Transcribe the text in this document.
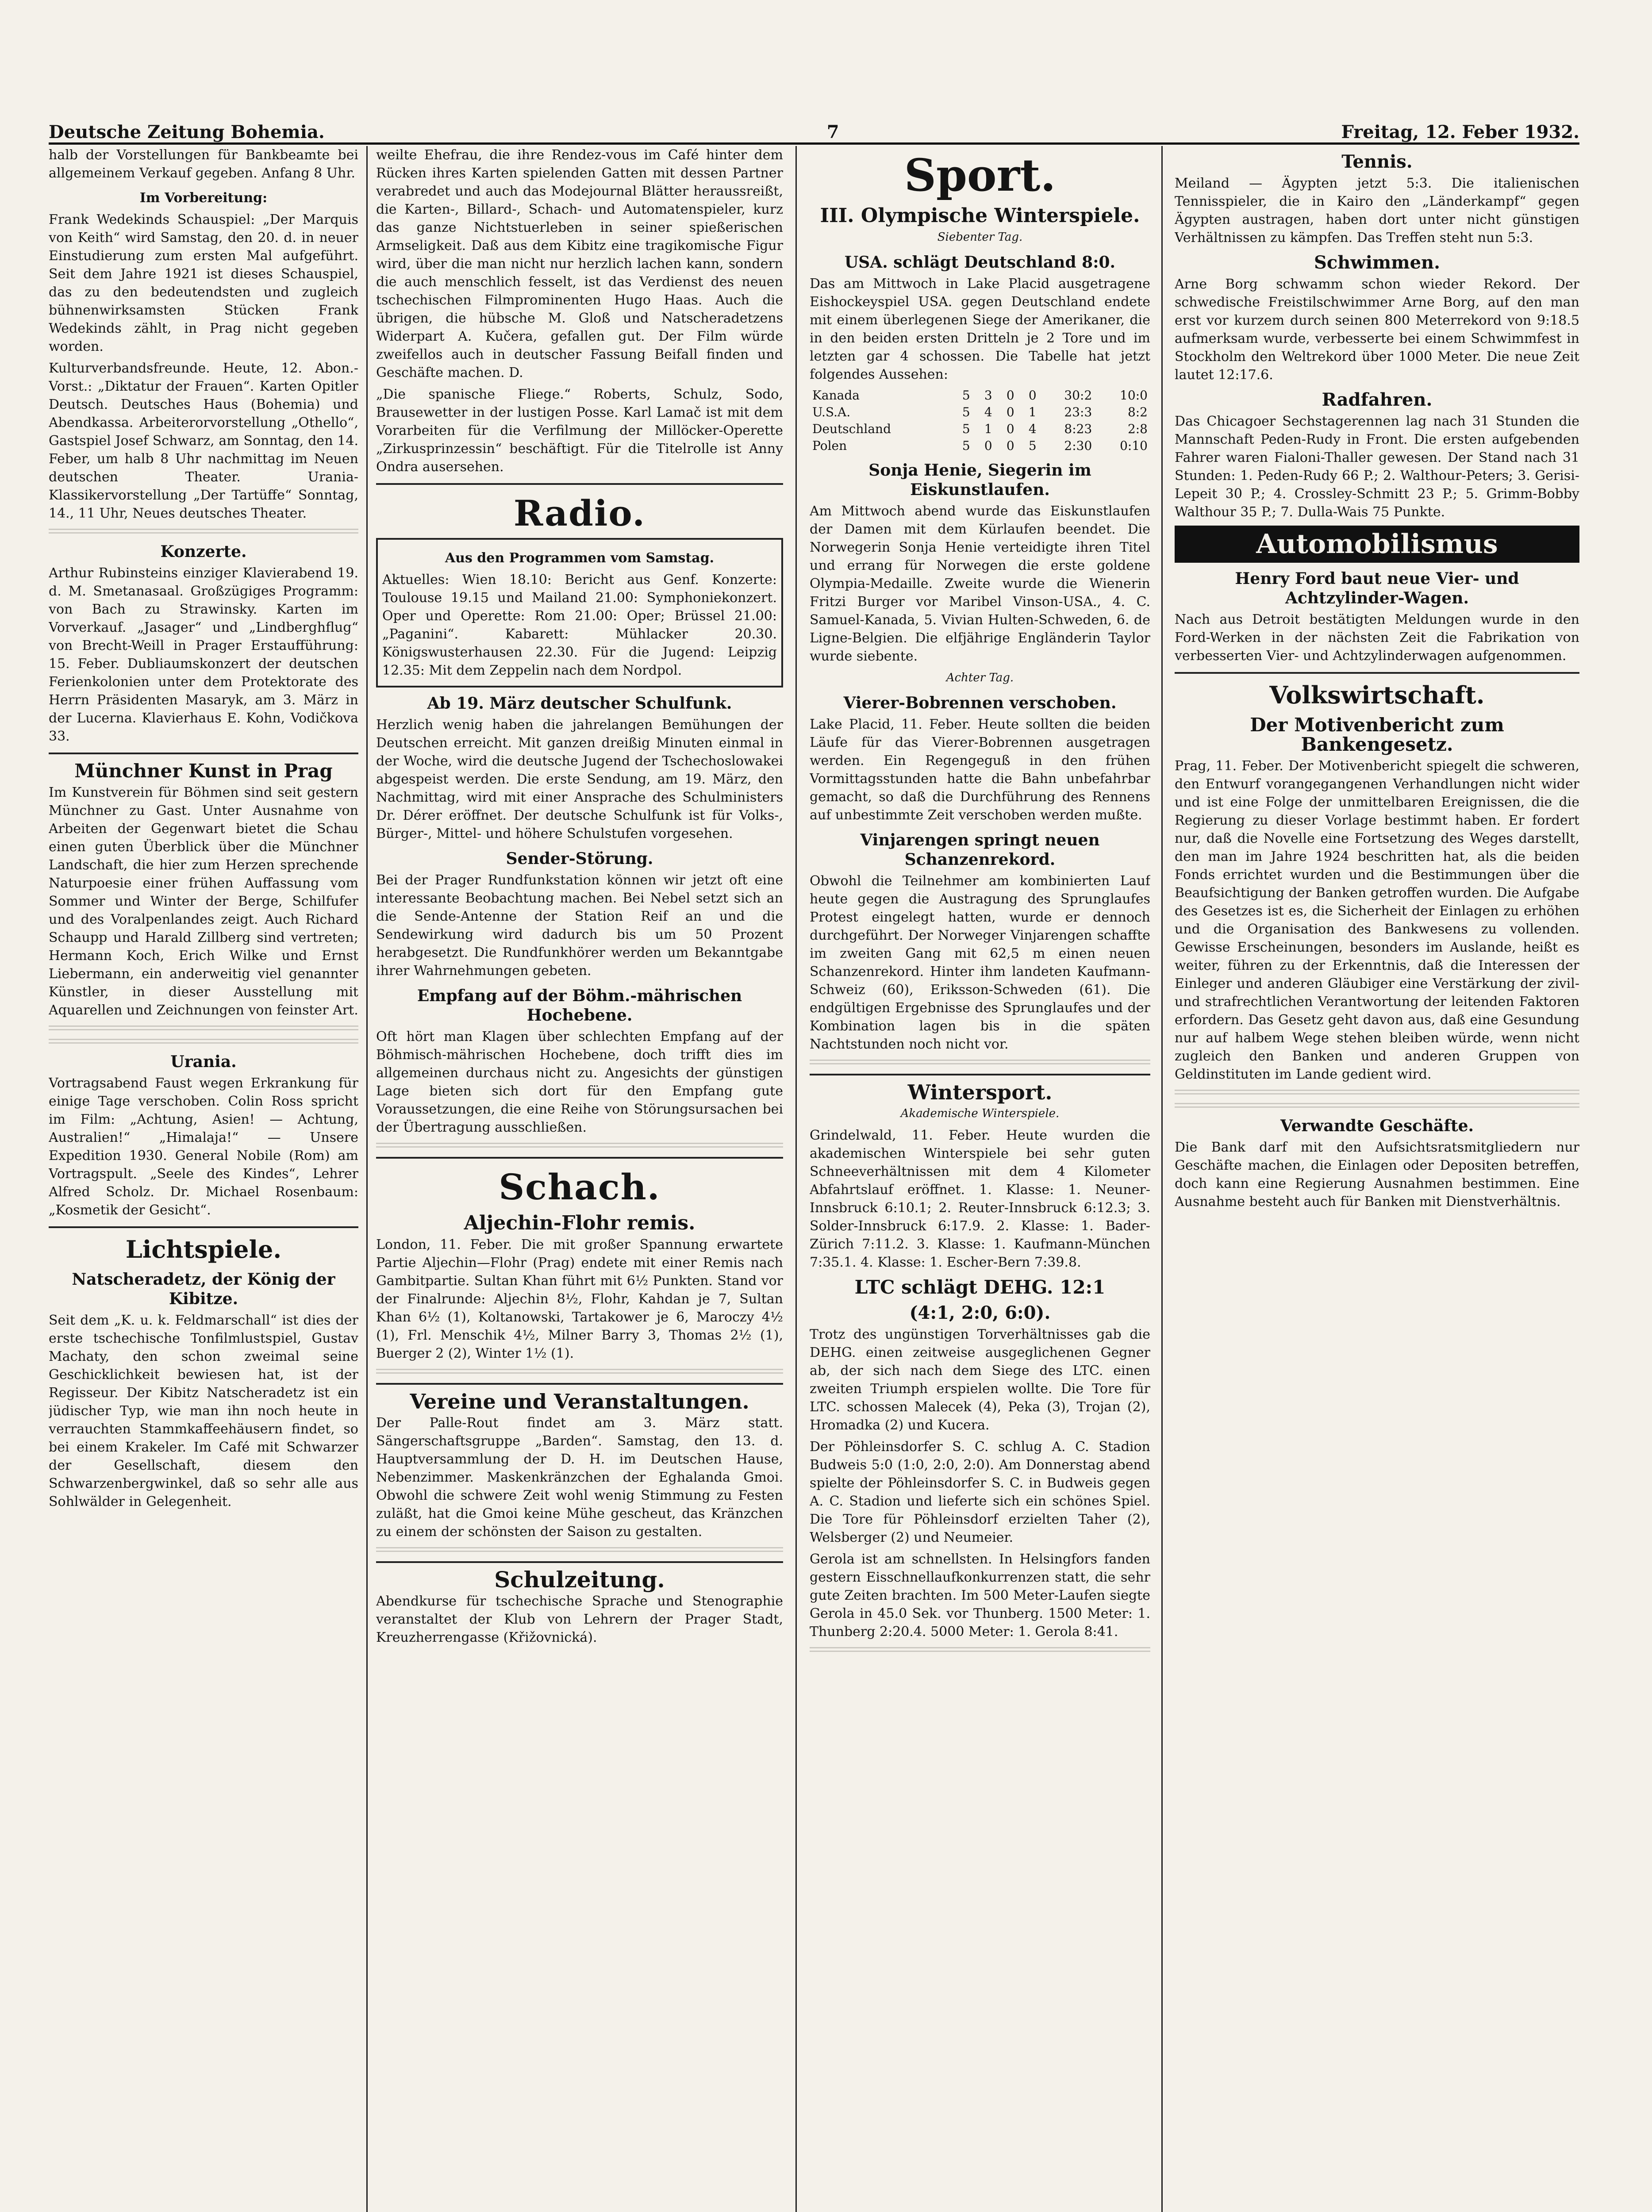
Deutsche Zeitung Bohemia.	7	Freitag, 12. Feber 1932.
halb der Vorstellungen für Bankbeamte bei allgemeinem Verkauf gegeben. Anfang 8 Uhr.
Im Vorbereitung:
Frank Wedekinds Schauspiel: „Der Marquis von Keith“ wird Samstag, den 20. d. in neuer Einstudierung zum ersten Mal aufgeführt. Seit dem Jahre 1921 ist dieses Schauspiel, das zu den bedeutendsten und zugleich bühnenwirksamsten Stücken Frank Wedekinds zählt, in Prag nicht gegeben worden.
Kulturverbandsfreunde. Heute, 12. Abon.-Vorst.: „Diktatur der Frauen“. Karten Opitler Deutsch. Deutsches Haus (Bohemia) und Abendkassa. Arbeiterorvorstellung „Othello“, Gastspiel Josef Schwarz, am Sonntag, den 14. Feber, um halb 8 Uhr nachmittag im Neuen deutschen Theater. Urania-Klassikervorstellung „Der Tartüffe“ Sonntag, 14., 11 Uhr, Neues deutsches Theater.
Konzerte.
Arthur Rubinsteins einziger Klavierabend 19. d. M. Smetanasaal. Großzügiges Programm: von Bach zu Strawinsky. Karten im Vorverkauf. „Jasager“ und „Lindberghflug“ von Brecht-Weill in Prager Erstaufführung: 15. Feber. Dubliaumskonzert der deutschen Ferienkolonien unter dem Protektorate des Herrn Präsidenten Masaryk, am 3. März in der Lucerna. Klavierhaus E. Kohn, Vodičkova 33.
Münchner Kunst in Prag
Im Kunstverein für Böhmen sind seit gestern Münchner zu Gast. Unter Ausnahme von Arbeiten der Gegenwart bietet die Schau einen guten Überblick über die Münchner Landschaft, die hier zum Herzen sprechende Naturpoesie einer frühen Auffassung vom Sommer und Winter der Berge, Schilfufer und des Voralpenlandes zeigt. Auch Richard Schaupp und Harald Zillberg sind vertreten; Hermann Koch, Erich Wilke und Ernst Liebermann, ein anderweitig viel genannter Künstler, in dieser Ausstellung mit Aquarellen und Zeichnungen von feinster Art.
Urania.
Vortragsabend Faust wegen Erkrankung für einige Tage verschoben. Colin Ross spricht im Film: „Achtung, Asien! — Achtung, Australien!“ „Himalaja!“ — Unsere Expedition 1930. General Nobile (Rom) am Vortragspult. „Seele des Kindes“, Lehrer Alfred Scholz. Dr. Michael Rosenbaum: „Kosmetik der Gesicht“.
Lichtspiele.
Natscheradetz, der König der Kibitze.
Seit dem „K. u. k. Feldmarschall“ ist dies der erste tschechische Tonfilmlustspiel, Gustav Machaty, den schon zweimal seine Geschicklichkeit bewiesen hat, ist der Regisseur. Der Kibitz Natscheradetz ist ein jüdischer Typ, wie man ihn noch heute in verrauchten Stammkaffeehäusern findet, so bei einem Krakeler. Im Café mit Schwarzer der Gesellschaft, diesem den Schwarzenbergwinkel, daß so sehr alle aus Sohlwälder in Gelegenheit.
weilte Ehefrau, die ihre Rendez-vous im Café hinter dem Rücken ihres Karten spielenden Gatten mit dessen Partner verabredet und auch das Modejournal Blätter heraussreißt, die Karten-, Billard-, Schach- und Automatenspieler, kurz das ganze Nichtstuerleben in seiner spießerischen Armseligkeit. Daß aus dem Kibitz eine tragikomische Figur wird, über die man nicht nur herzlich lachen kann, sondern die auch menschlich fesselt, ist das Verdienst des neuen tschechischen Filmprominenten Hugo Haas. Auch die übrigen, die hübsche M. Gloß und Natscheradetzens Widerpart A. Kučera, gefallen gut. Der Film würde zweifellos auch in deutscher Fassung Beifall finden und Geschäfte machen. D.
„Die spanische Fliege.“ Roberts, Schulz, Sodo, Brausewetter in der lustigen Posse. Karl Lamač ist mit dem Vorarbeiten für die Verfilmung der Millöcker-Operette „Zirkusprinzessin“ beschäftigt. Für die Titelrolle ist Anny Ondra ausersehen.
Radio.
Aus den Programmen vom Samstag.
Aktuelles: Wien 18.10: Bericht aus Genf. Konzerte: Toulouse 19.15 und Mailand 21.00: Symphoniekonzert. Oper und Operette: Rom 21.00: Oper; Brüssel 21.00: „Paganini“. Kabarett: Mühlacker 20.30. Königswusterhausen 22.30. Für die Jugend: Leipzig 12.35: Mit dem Zeppelin nach dem Nordpol.
Ab 19. März deutscher Schulfunk.
Herzlich wenig haben die jahrelangen Bemühungen der Deutschen erreicht. Mit ganzen dreißig Minuten einmal in der Woche, wird die deutsche Jugend der Tschechoslowakei abgespeist werden. Die erste Sendung, am 19. März, den Nachmittag, wird mit einer Ansprache des Schulministers Dr. Dérer eröffnet. Der deutsche Schulfunk ist für Volks-, Bürger-, Mittel- und höhere Schulstufen vorgesehen.
Sender-Störung.
Bei der Prager Rundfunkstation können wir jetzt oft eine interessante Beobachtung machen. Bei Nebel setzt sich an die Sende-Antenne der Station Reif an und die Sendewirkung wird dadurch bis um 50 Prozent herabgesetzt. Die Rundfunkhörer werden um Bekanntgabe ihrer Wahrnehmungen gebeten.
Empfang auf der Böhm.-mährischen Hochebene.
Oft hört man Klagen über schlechten Empfang auf der Böhmisch-mährischen Hochebene, doch trifft dies im allgemeinen durchaus nicht zu. Angesichts der günstigen Lage bieten sich dort für den Empfang gute Voraussetzungen, die eine Reihe von Störungsursachen bei der Übertragung ausschließen.
Schach.
Aljechin-Flohr remis.
London, 11. Feber. Die mit großer Spannung erwartete Partie Aljechin—Flohr (Prag) endete mit einer Remis nach Gambitpartie. Sultan Khan führt mit 6½ Punkten. Stand vor der Finalrunde: Aljechin 8½, Flohr, Kahdan je 7, Sultan Khan 6½ (1), Koltanowski, Tartakower je 6, Maroczy 4½ (1), Frl. Menschik 4½, Milner Barry 3, Thomas 2½ (1), Buerger 2 (2), Winter 1½ (1).
Vereine und Veranstaltungen.
Der Palle-Rout findet am 3. März statt. Sängerschaftsgruppe „Barden“. Samstag, den 13. d. Hauptversammlung der D. H. im Deutschen Hause, Nebenzimmer. Maskenkränzchen der Eghalanda Gmoi. Obwohl die schwere Zeit wohl wenig Stimmung zu Festen zuläßt, hat die Gmoi keine Mühe gescheut, das Kränzchen zu einem der schönsten der Saison zu gestalten.
Schulzeitung.
Abendkurse für tschechische Sprache und Stenographie veranstaltet der Klub von Lehrern der Prager Stadt, Kreuzherrengasse (Křižovnická).
Sport.
III. Olympische Winterspiele.
Siebenter Tag.
USA. schlägt Deutschland 8:0.
Das am Mittwoch in Lake Placid ausgetragene Eishockeyspiel USA. gegen Deutschland endete mit einem überlegenen Siege der Amerikaner, die in den beiden ersten Dritteln je 2 Tore und im letzten gar 4 schossen. Die Tabelle hat jetzt folgendes Aussehen:
Kanada	5	3	0	0	30:2	10:0
U.S.A.	5	4	0	1	23:3	8:2
Deutschland	5	1	0	4	8:23	2:8
Polen	5	0	0	5	2:30	0:10
Sonja Henie, Siegerin im Eiskunstlaufen.
Am Mittwoch abend wurde das Eiskunstlaufen der Damen mit dem Kürlaufen beendet. Die Norwegerin Sonja Henie verteidigte ihren Titel und errang für Norwegen die erste goldene Olympia-Medaille. Zweite wurde die Wienerin Fritzi Burger vor Maribel Vinson-USA., 4. C. Samuel-Kanada, 5. Vivian Hulten-Schweden, 6. de Ligne-Belgien. Die elfjährige Engländerin Taylor wurde siebente.
Achter Tag.
Vierer-Bobrennen verschoben.
Lake Placid, 11. Feber. Heute sollten die beiden Läufe für das Vierer-Bobrennen ausgetragen werden. Ein Regengeguß in den frühen Vormittagsstunden hatte die Bahn unbefahrbar gemacht, so daß die Durchführung des Rennens auf unbestimmte Zeit verschoben werden mußte.
Vinjarengen springt neuen Schanzenrekord.
Obwohl die Teilnehmer am kombinierten Lauf heute gegen die Austragung des Sprunglaufes Protest eingelegt hatten, wurde er dennoch durchgeführt. Der Norweger Vinjarengen schaffte im zweiten Gang mit 62,5 m einen neuen Schanzenrekord. Hinter ihm landeten Kaufmann-Schweiz (60), Eriksson-Schweden (61). Die endgültigen Ergebnisse des Sprunglaufes und der Kombination lagen bis in die späten Nachtstunden noch nicht vor.
Wintersport.
Akademische Winterspiele.
Grindelwald, 11. Feber. Heute wurden die akademischen Winterspiele bei sehr guten Schneeverhältnissen mit dem 4 Kilometer Abfahrtslauf eröffnet. 1. Klasse: 1. Neuner-Innsbruck 6:10.1; 2. Reuter-Innsbruck 6:12.3; 3. Solder-Innsbruck 6:17.9. 2. Klasse: 1. Bader-Zürich 7:11.2. 3. Klasse: 1. Kaufmann-München 7:35.1. 4. Klasse: 1. Escher-Bern 7:39.8.
LTC schlägt DEHG. 12:1
(4:1, 2:0, 6:0).
Trotz des ungünstigen Torverhältnisses gab die DEHG. einen zeitweise ausgeglichenen Gegner ab, der sich nach dem Siege des LTC. einen zweiten Triumph erspielen wollte. Die Tore für LTC. schossen Malecek (4), Peka (3), Trojan (2), Hromadka (2) und Kucera.
Der Pöhleinsdorfer S. C. schlug A. C. Stadion Budweis 5:0 (1:0, 2:0, 2:0). Am Donnerstag abend spielte der Pöhleinsdorfer S. C. in Budweis gegen A. C. Stadion und lieferte sich ein schönes Spiel. Die Tore für Pöhleinsdorf erzielten Taher (2), Welsberger (2) und Neumeier.
Gerola ist am schnellsten. In Helsingfors fanden gestern Eisschnellaufkonkurrenzen statt, die sehr gute Zeiten brachten. Im 500 Meter-Laufen siegte Gerola in 45.0 Sek. vor Thunberg. 1500 Meter: 1. Thunberg 2:20.4. 5000 Meter: 1. Gerola 8:41.
Tennis.
Meiland — Ägypten jetzt 5:3. Die italienischen Tennisspieler, die in Kairo den „Länderkampf“ gegen Ägypten austragen, haben dort unter nicht günstigen Verhältnissen zu kämpfen. Das Treffen steht nun 5:3.
Schwimmen.
Arne Borg schwamm schon wieder Rekord. Der schwedische Freistilschwimmer Arne Borg, auf den man erst vor kurzem durch seinen 800 Meterrekord von 9:18.5 aufmerksam wurde, verbesserte bei einem Schwimmfest in Stockholm den Weltrekord über 1000 Meter. Die neue Zeit lautet 12:17.6.
Radfahren.
Das Chicagoer Sechstagerennen lag nach 31 Stunden die Mannschaft Peden-Rudy in Front. Die ersten aufgebenden Fahrer waren Fialoni-Thaller gewesen. Der Stand nach 31 Stunden: 1. Peden-Rudy 66 P.; 2. Walthour-Peters; 3. Gerisi-Lepeit 30 P.; 4. Crossley-Schmitt 23 P.; 5. Grimm-Bobby Walthour 35 P.; 7. Dulla-Wais 75 Punkte.
Automobilismus
Henry Ford baut neue Vier- und Achtzylinder-Wagen.
Nach aus Detroit bestätigten Meldungen wurde in den Ford-Werken in der nächsten Zeit die Fabrikation von verbesserten Vier- und Achtzylinderwagen aufgenommen.
Volkswirtschaft.
Der Motivenbericht zum Bankengesetz.
Prag, 11. Feber. Der Motivenbericht spiegelt die schweren, den Entwurf vorangegangenen Verhandlungen nicht wider und ist eine Folge der unmittelbaren Ereignissen, die die Regierung zu dieser Vorlage bestimmt haben. Er fordert nur, daß die Novelle eine Fortsetzung des Weges darstellt, den man im Jahre 1924 beschritten hat, als die beiden Fonds errichtet wurden und die Bestimmungen über die Beaufsichtigung der Banken getroffen wurden. Die Aufgabe des Gesetzes ist es, die Sicherheit der Einlagen zu erhöhen und die Organisation des Bankwesens zu vollenden. Gewisse Erscheinungen, besonders im Auslande, heißt es weiter, führen zu der Erkenntnis, daß die Interessen der Einleger und anderen Gläubiger eine Verstärkung der zivil- und strafrechtlichen Verantwortung der leitenden Faktoren erfordern. Das Gesetz geht davon aus, daß eine Gesundung nur auf halbem Wege stehen bleiben würde, wenn nicht zugleich den Banken und anderen Gruppen von Geldinstituten im Lande gedient wird.
Verwandte Geschäfte.
Die Bank darf mit den Aufsichtsratsmitgliedern nur Geschäfte machen, die Einlagen oder Depositen betreffen, doch kann eine Regierung Ausnahmen bestimmen. Eine Ausnahme besteht auch für Banken mit Dienstverhältnis.
